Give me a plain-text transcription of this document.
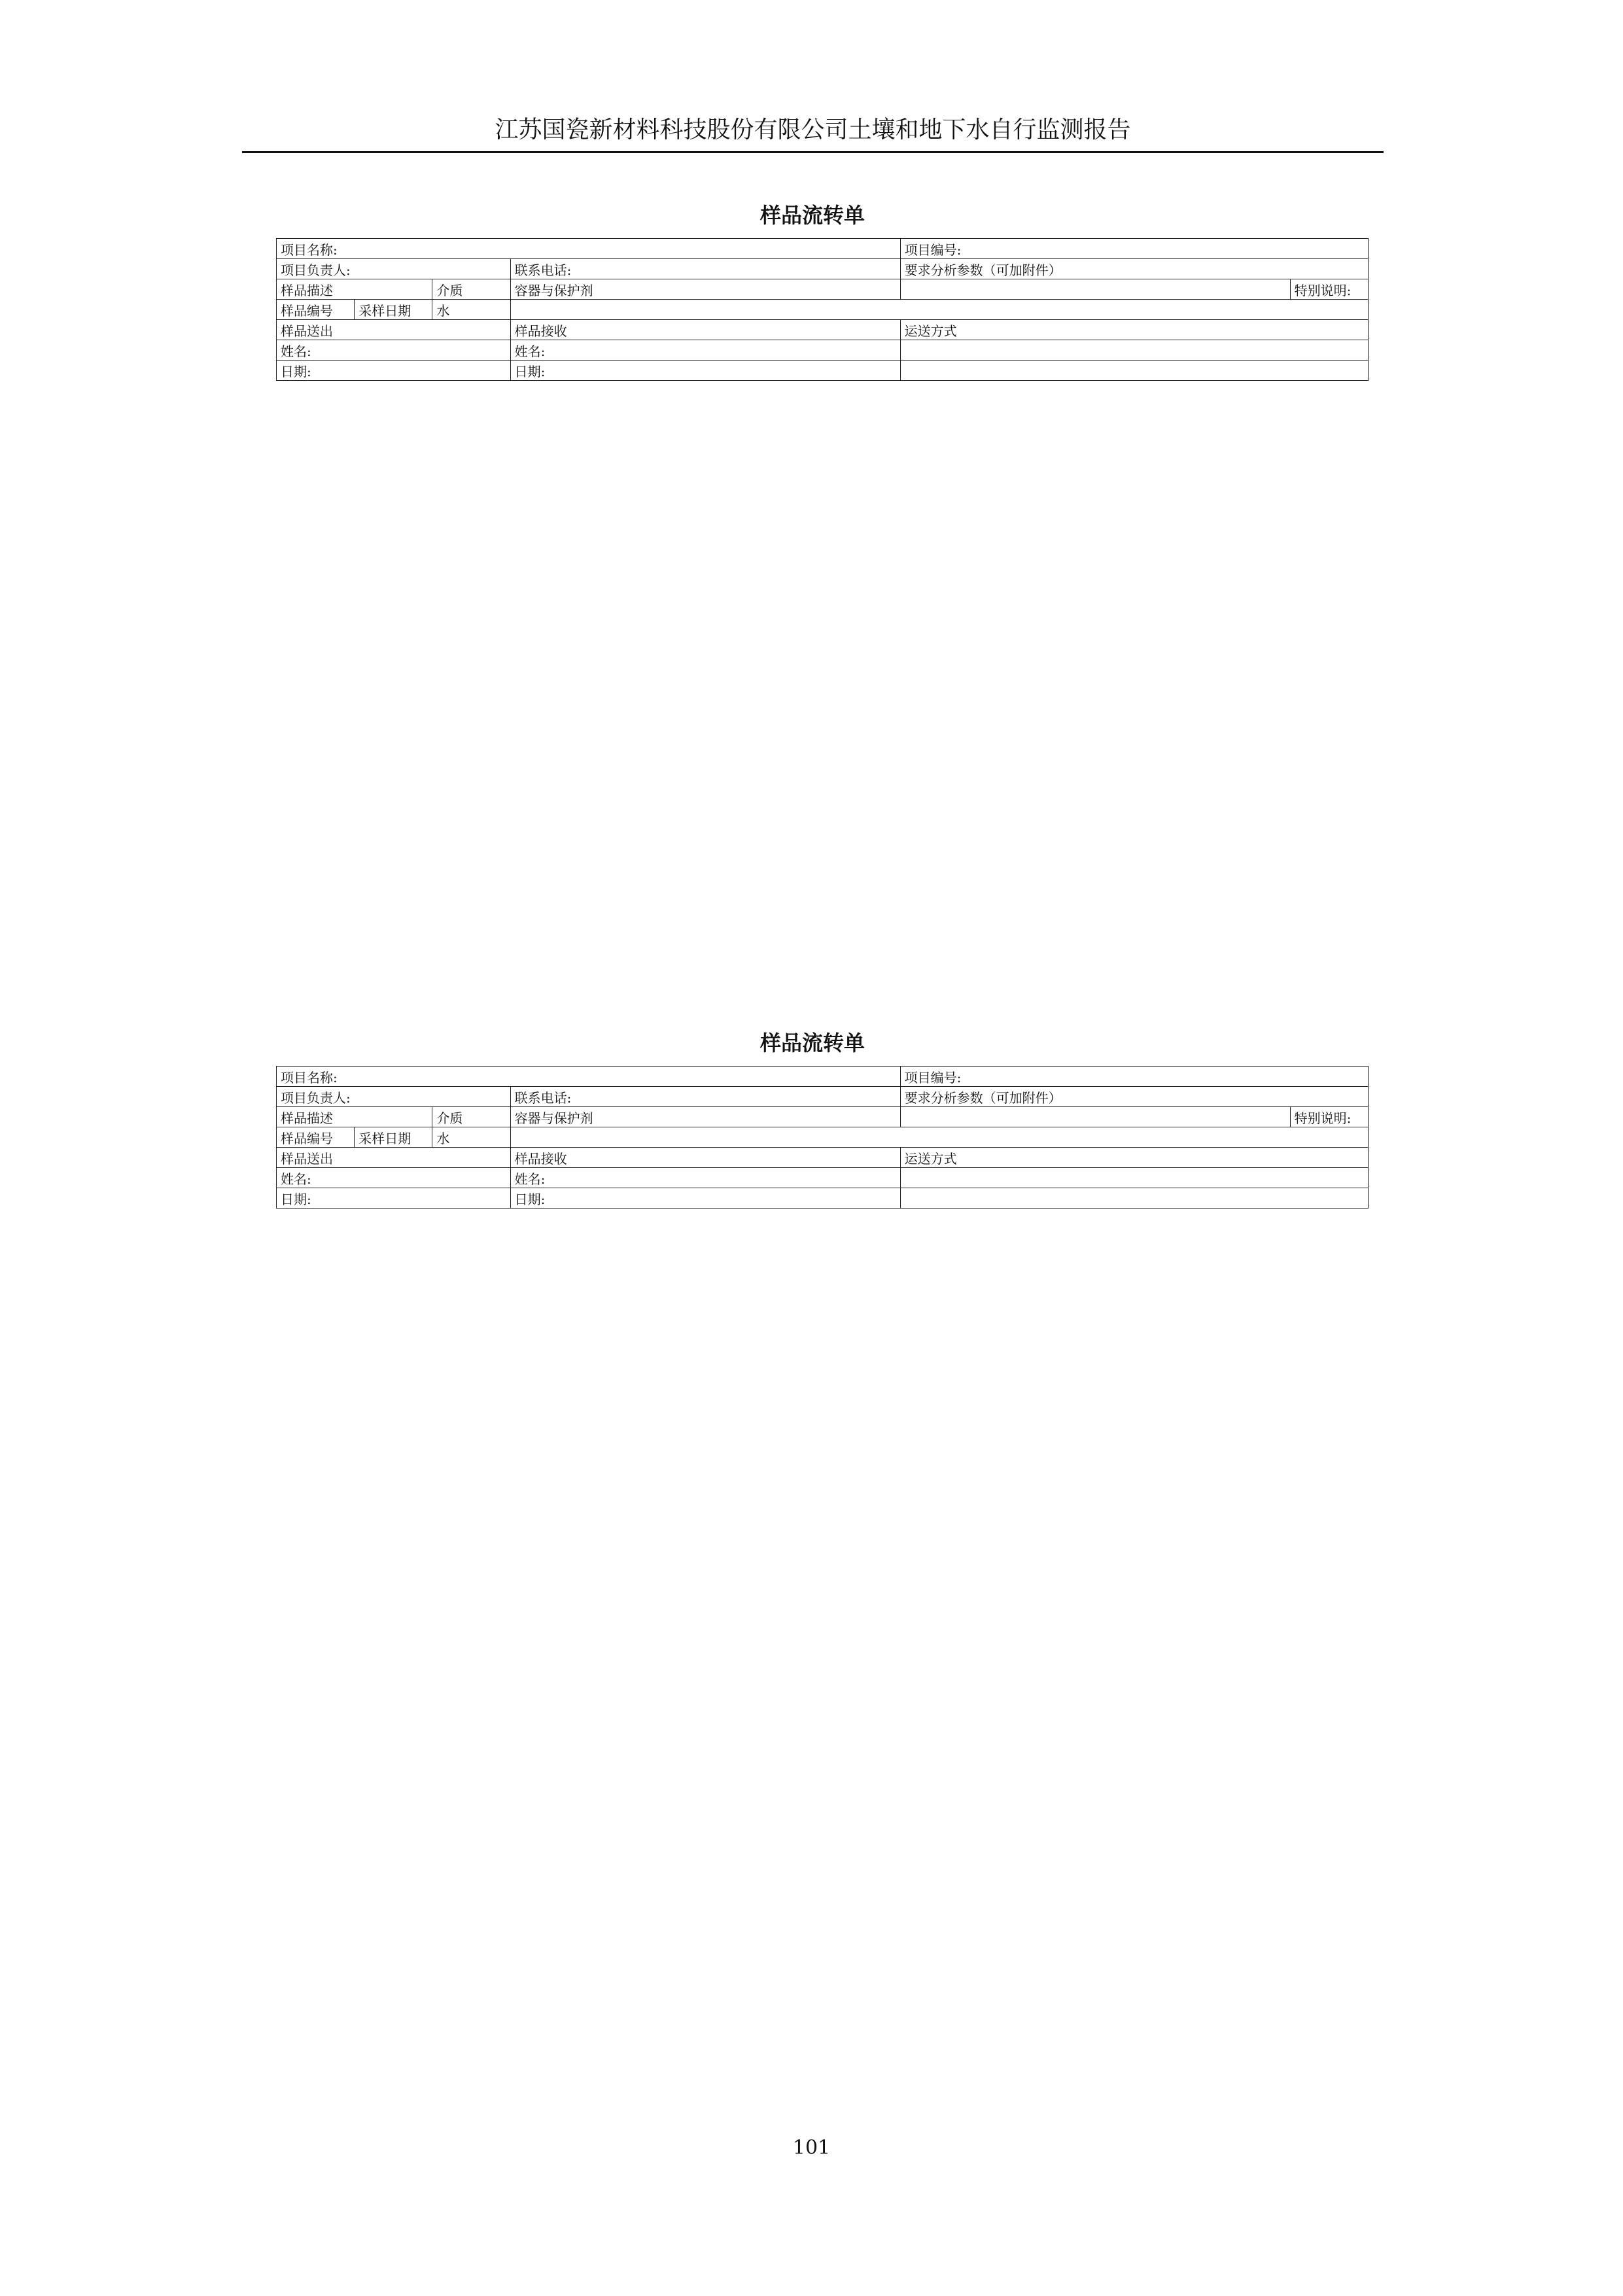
江苏国瓷新材料科技股份有限公司土壤和地下水自行监测报告
样品流转单
项目名称:				项目编号:	
项目负责人:			联系电话:	要求分析参数（可加附件）	
样品描述		介质	容器与保护剂		特别说明:
样品编号	采样日期	水			
样品送出			样品接收	运送方式	
姓名:			姓名:		
日期:			日期:		
样品流转单
项目名称:				项目编号:	
项目负责人:			联系电话:	要求分析参数（可加附件）	
样品描述		介质	容器与保护剂		特别说明:
样品编号	采样日期	水			
样品送出			样品接收	运送方式	
姓名:			姓名:		
日期:			日期:		
101
